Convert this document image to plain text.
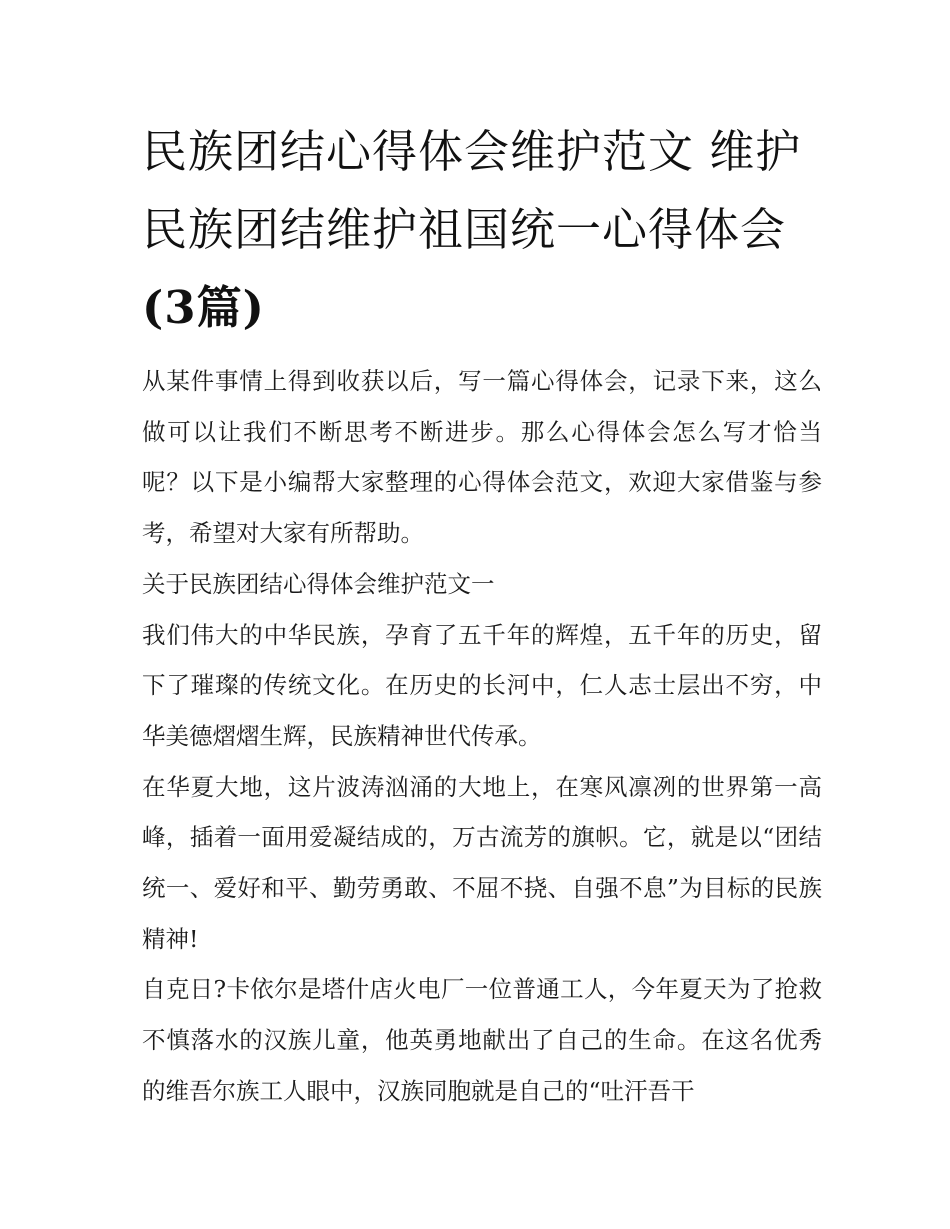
民族团结心得体会维护范文 维护民族团结维护祖国统一心得体会(3篇)

从某件事情上得到收获以后，写一篇心得体会，记录下来，这么做可以让我们不断思考不断进步。那么心得体会怎么写才恰当呢？以下是小编帮大家整理的心得体会范文，欢迎大家借鉴与参考，希望对大家有所帮助。

关于民族团结心得体会维护范文一

我们伟大的中华民族，孕育了五千年的辉煌，五千年的历史，留下了璀璨的传统文化。在历史的长河中，仁人志士层出不穷，中华美德熠熠生辉，民族精神世代传承。

在华夏大地，这片波涛汹涌的大地上，在寒风凛冽的世界第一高峰，插着一面用爱凝结成的，万古流芳的旗帜。它，就是以“团结统一、爱好和平、勤劳勇敢、不屈不挠、自强不息”为目标的民族精神!

自克日?卡依尔是塔什店火电厂一位普通工人，今年夏天为了抢救不慎落水的汉族儿童，他英勇地献出了自己的生命。在这名优秀的维吾尔族工人眼中，汉族同胞就是自己的“吐汗吾干
